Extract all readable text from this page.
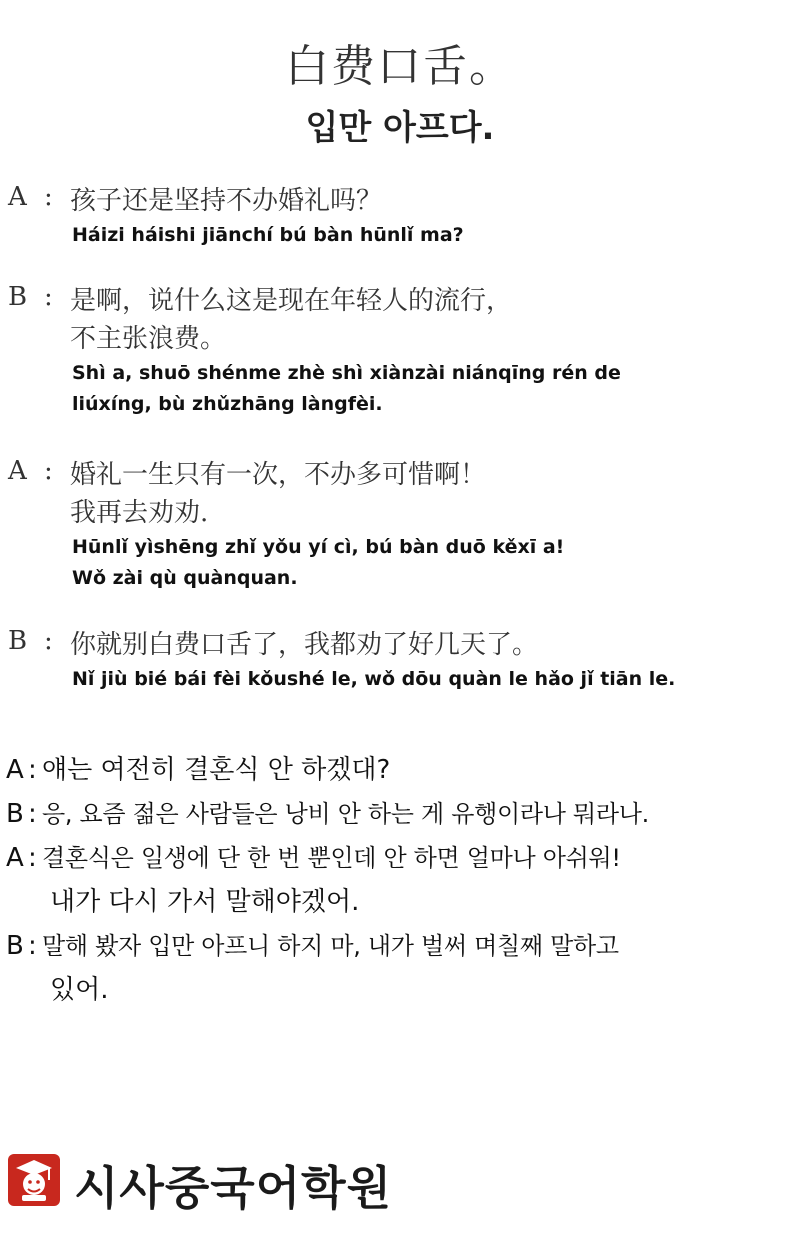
白费口舌。
입만 아프다.
A : 孩子还是坚持不办婚礼吗？
Háizi háishi jiānchí bú bàn hūnlǐ ma?
B : 是啊，说什么这是现在年轻人的流行，
不主张浪费。
Shì a, shuō shénme zhè shì xiànzài niánqīng rén de
liúxíng, bù zhǔzhāng làngfèi.
A : 婚礼一生只有一次，不办多可惜啊！
我再去劝劝.
Hūnlǐ yìshēng zhǐ yǒu yí cì, bú bàn duō kěxī a!
Wǒ zài qù quànquan.
B : 你就别白费口舌了，我都劝了好几天了。
Nǐ jiù bié bái fèi kǒushé le, wǒ dōu quàn le hǎo jǐ tiān le.
A : 얘는 여전히 결혼식 안 하겠대?
B : 응, 요즘 젊은 사람들은 낭비 안 하는 게 유행이라나 뭐라나.
A : 결혼식은 일생에 단 한 번 뿐인데 안 하면 얼마나 아쉬워!
내가 다시 가서 말해야겠어.
B : 말해 봤자 입만 아프니 하지 마, 내가 벌써 며칠째 말하고
있어.
시사중국어학원
